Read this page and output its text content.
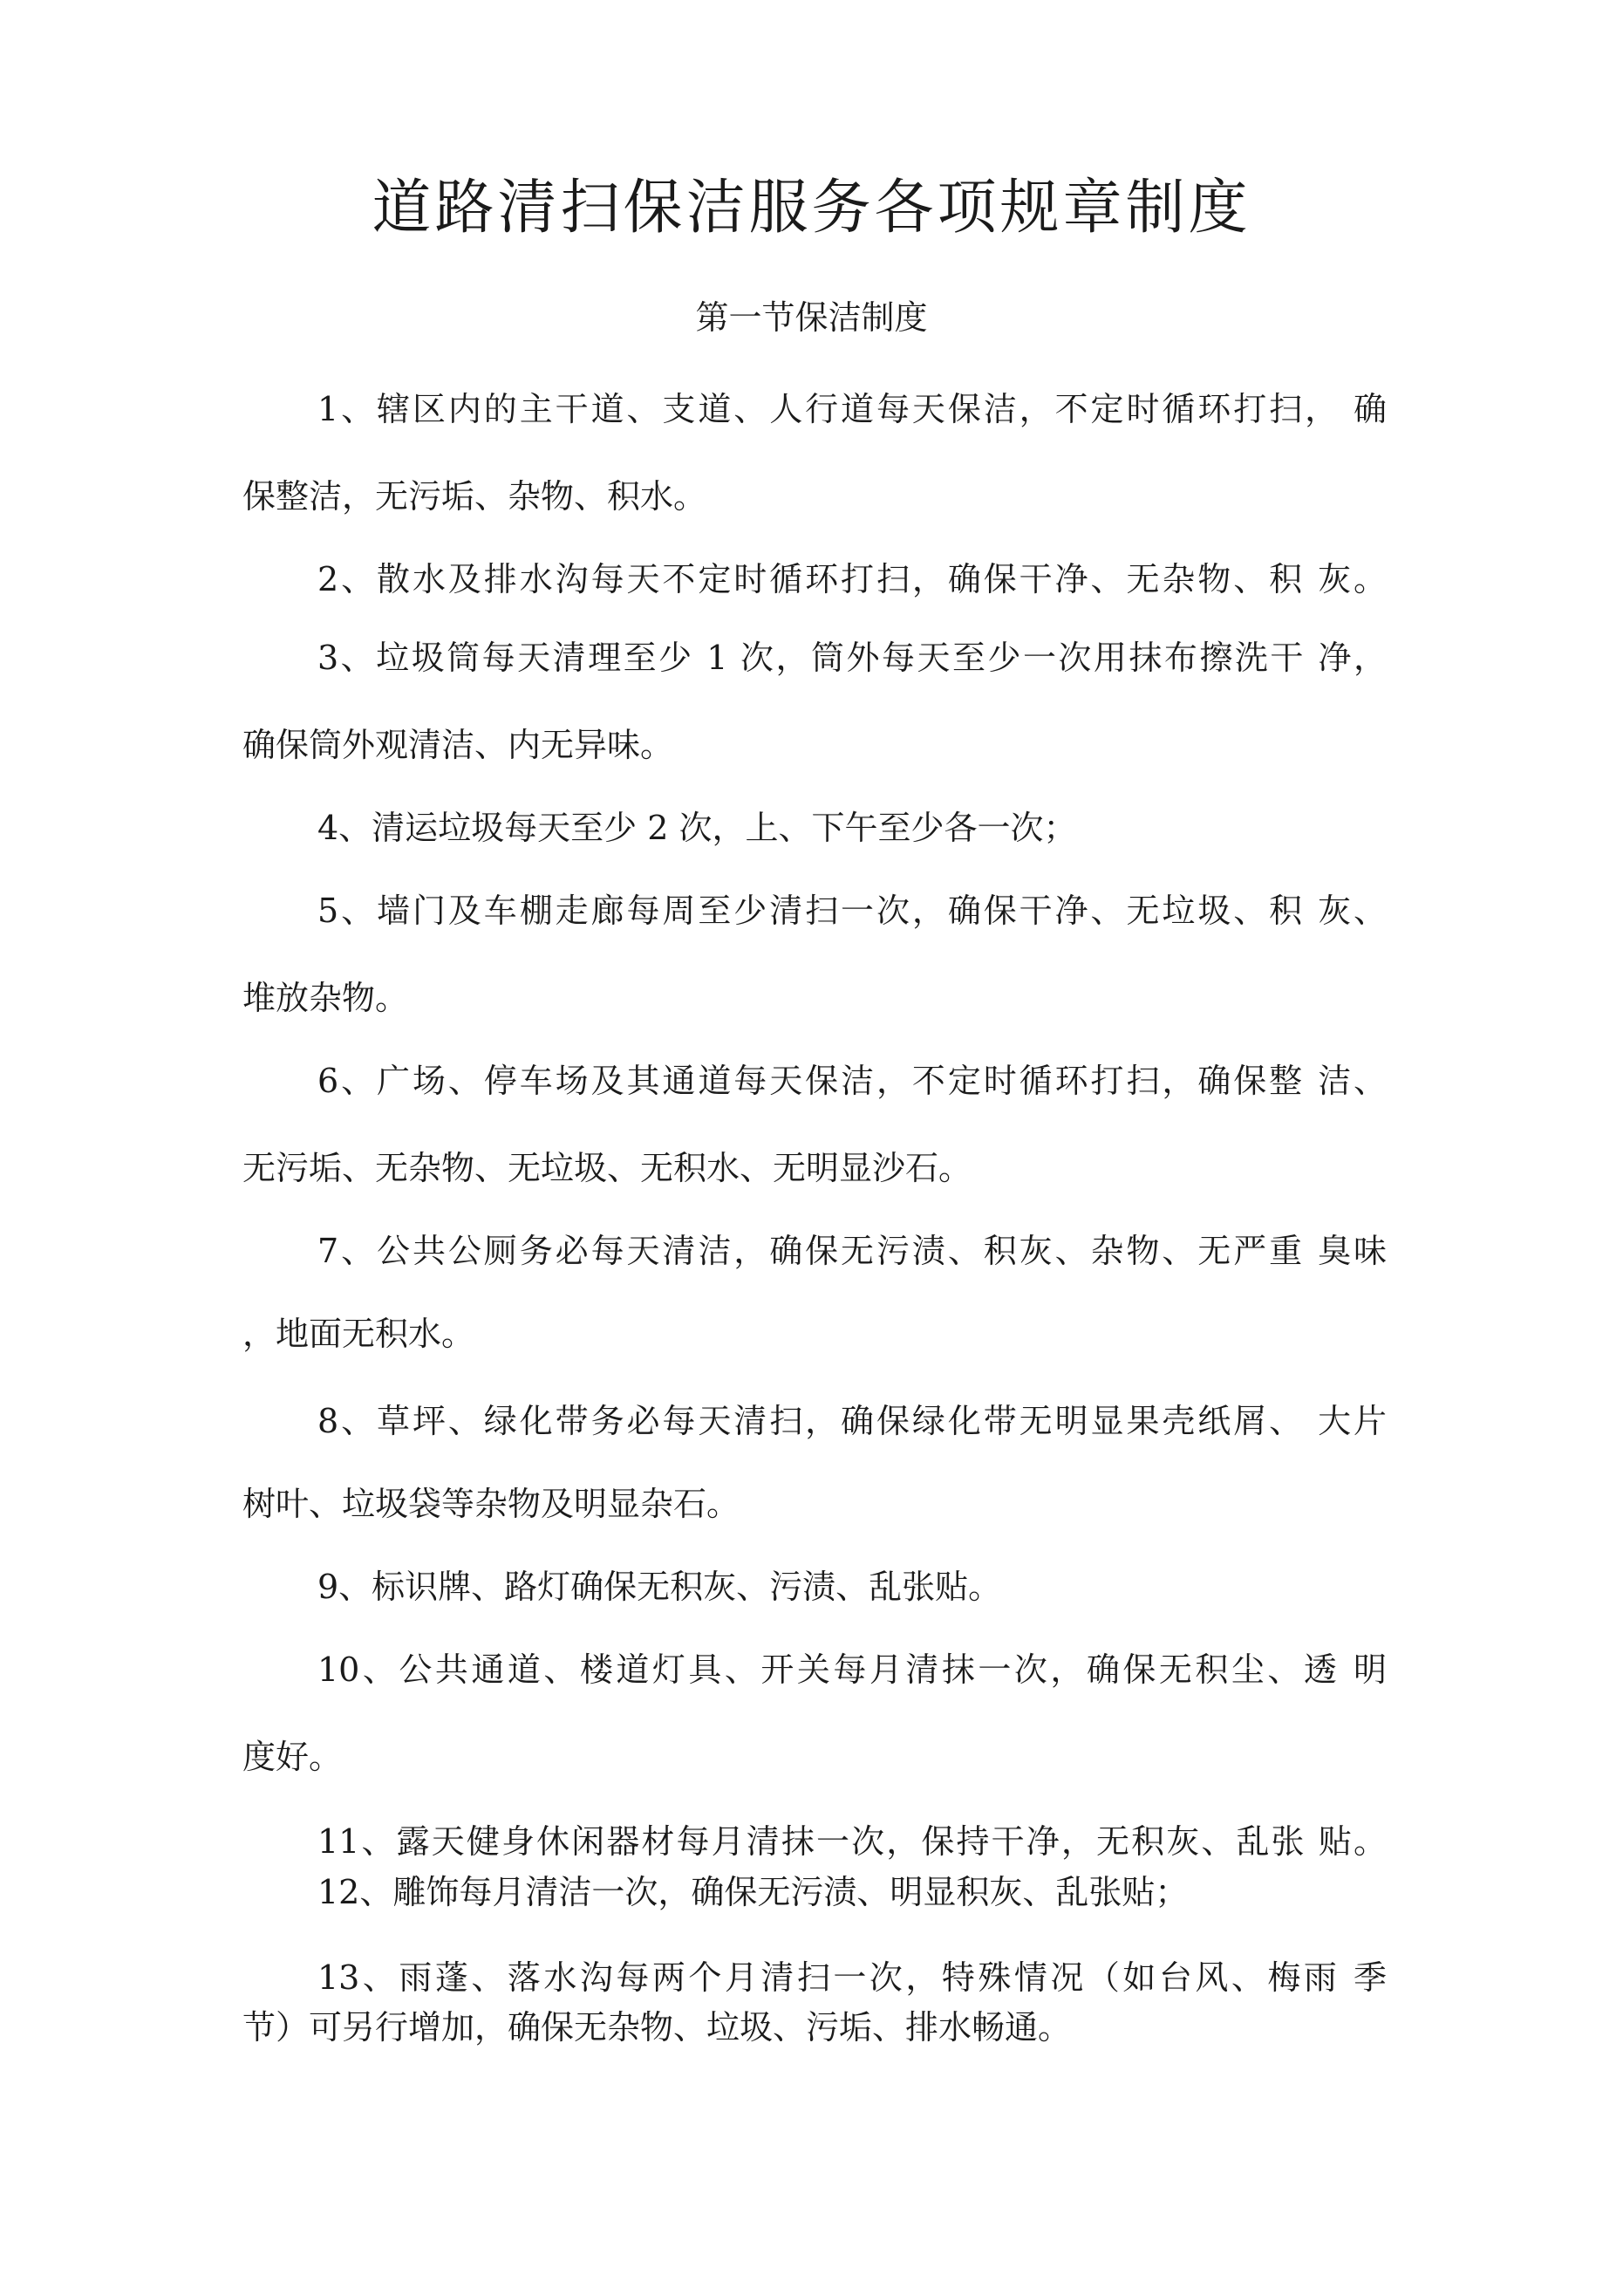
道路清扫保洁服务各项规章制度
第一节保洁制度
1、辖区内的主干道、支道、人行道每天保洁，不定时循环打扫， 确
保整洁，无污垢、杂物、积水。
2、散水及排水沟每天不定时循环打扫，确保干净、无杂物、积 灰。
3、垃圾筒每天清理至少 1 次，筒外每天至少一次用抹布擦洗干 净，
确保筒外观清洁、内无异味。
4、清运垃圾每天至少 2 次，上、下午至少各一次；
5、墙门及车棚走廊每周至少清扫一次，确保干净、无垃圾、积 灰、
堆放杂物。
6、广场、停车场及其通道每天保洁，不定时循环打扫，确保整 洁、
无污垢、无杂物、无垃圾、无积水、无明显沙石。
7、公共公厕务必每天清洁，确保无污渍、积灰、杂物、无严重 臭味
，地面无积水。
8、草坪、绿化带务必每天清扫，确保绿化带无明显果壳纸屑、 大片
树叶、垃圾袋等杂物及明显杂石。
9、标识牌、路灯确保无积灰、污渍、乱张贴。
10、公共通道、楼道灯具、开关每月清抹一次，确保无积尘、透 明
度好。
11、露天健身休闲器材每月清抹一次，保持干净，无积灰、乱张 贴。
12、雕饰每月清洁一次，确保无污渍、明显积灰、乱张贴；
13、雨蓬、落水沟每两个月清扫一次，特殊情况（如台风、梅雨 季
节）可另行增加，确保无杂物、垃圾、污垢、排水畅通。
